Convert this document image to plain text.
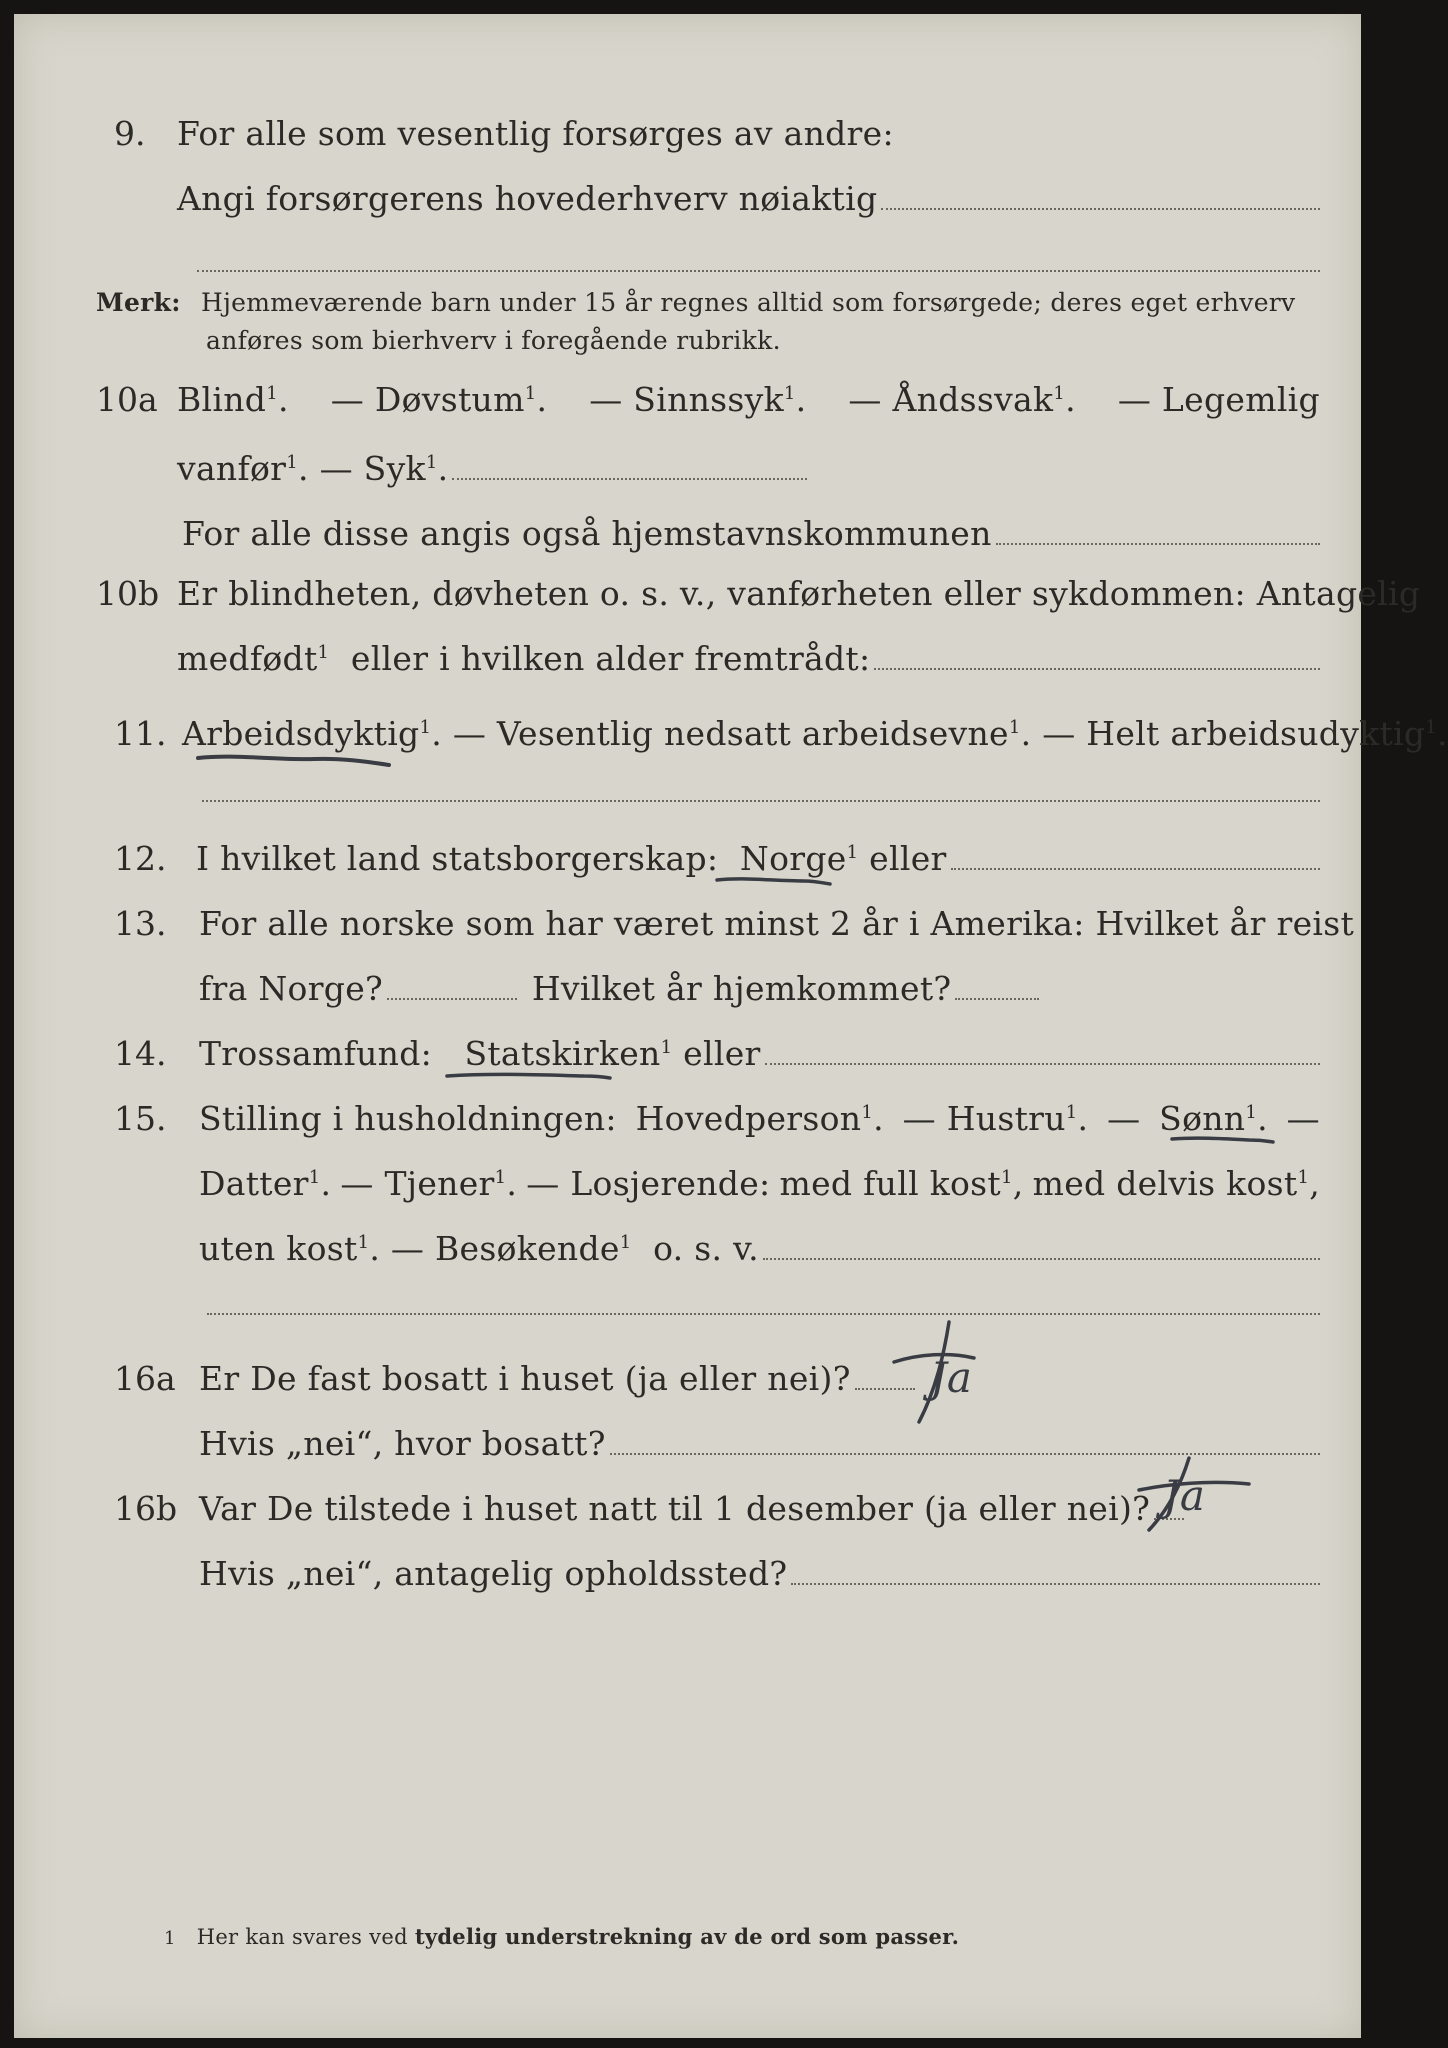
9. For alle som vesentlig forsørges av andre:
Angi forsørgerens hovederhverv nøiaktig
Merk: Hjemmeværende barn under 15 år regnes alltid som forsørgede; deres eget erhverv
anføres som bierhverv i foregående rubrikk.
10a Blind$^1$. — Døvstum$^1$. — Sinnssyk$^1$. — Åndssvak$^1$. — Legemlig
vanfør$^1$.
— Syk$^1$.
For alle disse angis også hjemstavnskommunen
10b Er blindheten, døvheten o. s. v., vanførheten eller sykdommen: Antagelig
medfødt$^1$
eller i hvilken alder fremtrådt:
11. Arbeidsdyktig$^1$ . — Vesentlig nedsatt arbeidsevne$^1$ . — Helt arbeidsudyktig$^1$.
12. I hvilket land statsborgerskap:
Norge$^1$
eller
13. For alle norske som har været minst 2 år i Amerika: Hvilket år reist
fra Norge?
	Hvilket år hjemkommet?
14. Trossamfund:
Statskirken$^1$
eller
15. Stilling i husholdningen: Hovedperson$^1$. — Hustru$^1$. — Sønn$^1$. —
Datter$^1$. — Tjener$^1$. — Losjerende: med full kost$^1$, med delvis kost$^1$,
uten kost$^1$.
— Besøkende$^1$
o. s. v.
16a Er De fast bosatt i huset (ja eller nei)? Ja
Hvis „nei“, hvor bosatt?
16b Var De tilstede i huset natt til 1 desember (ja eller nei)? Ja
Hvis „nei“, antagelig opholdssted?
1
Her kan svares ved
tydelig understrekning av de ord som passer.
